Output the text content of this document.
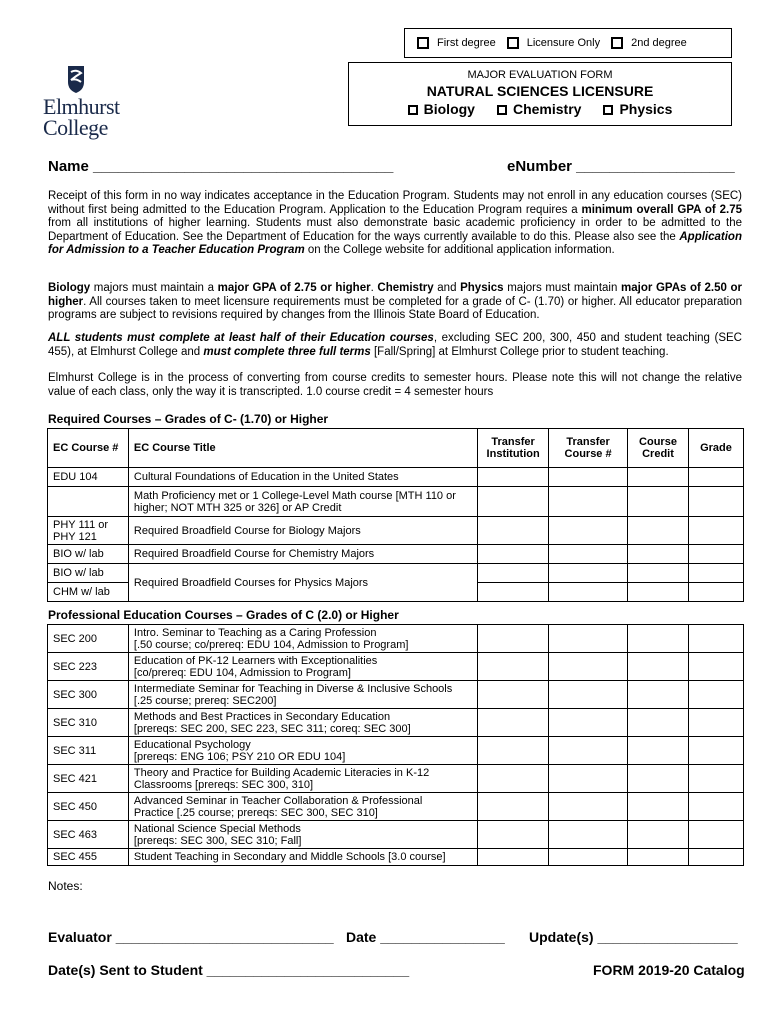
First degree	Licensure Only	2nd degree
MAJOR EVALUATION FORM
NATURAL SCIENCES LICENSURE
Biology	Chemistry	Physics
Elmhurst
College
Name ____________________________________	eNumber ___________________
Receipt of this form in no way indicates acceptance in the Education Program. Students may not enroll in any education courses (SEC) without first being admitted to the Education Program. Application to the Education Program requires a minimum overall GPA of 2.75 from all institutions of higher learning. Students must also demonstrate basic academic proficiency in order to be admitted to the Department of Education. See the Department of Education for the ways currently available to do this. Please also see the Application for Admission to a Teacher Education Program on the College website for additional application information.
Biology majors must maintain a major GPA of 2.75 or higher. Chemistry and Physics majors must maintain major GPAs of 2.50 or higher. All courses taken to meet licensure requirements must be completed for a grade of C- (1.70) or higher. All educator preparation programs are subject to revisions required by changes from the Illinois State Board of Education.
ALL students must complete at least half of their Education courses, excluding SEC 200, 300, 450 and student teaching (SEC 455), at Elmhurst College and must complete three full terms [Fall/Spring] at Elmhurst College prior to student teaching.
Elmhurst College is in the process of converting from course credits to semester hours. Please note this will not change the relative value of each class, only the way it is transcripted. 1.0 course credit = 4 semester hours
Required Courses – Grades of C- (1.70) or Higher
EC Course #	EC Course Title	Transfer Institution	Transfer Course #	Course Credit	Grade
EDU 104	Cultural Foundations of Education in the United States				
	Math Proficiency met or 1 College-Level Math course [MTH 110 or higher; NOT MTH 325 or 326] or AP Credit				
PHY 111 or PHY 121	Required Broadfield Course for Biology Majors				
BIO w/ lab	Required Broadfield Course for Chemistry Majors				
BIO w/ lab	Required Broadfield Courses for Physics Majors				
CHM w/ lab					
Professional Education Courses – Grades of C (2.0) or Higher
SEC 200	Intro. Seminar to Teaching as a Caring Profession
[.50 course; co/prereq: EDU 104, Admission to Program]				

SEC 223	Education of PK-12 Learners with Exceptionalities
[co/prereq: EDU 104, Admission to Program]				

SEC 300	Intermediate Seminar for Teaching in Diverse & Inclusive Schools
[.25 course; prereq: SEC200]				

SEC 310	Methods and Best Practices in Secondary Education
[prereqs: SEC 200, SEC 223, SEC 311; coreq: SEC 300]				

SEC 311	Educational Psychology
[prereqs: ENG 106; PSY 210 OR EDU 104]				

SEC 421	Theory and Practice for Building Academic Literacies in K-12
Classrooms [prereqs: SEC 300, 310]				

SEC 450	Advanced Seminar in Teacher Collaboration & Professional
Practice [.25 course; prereqs: SEC 300, SEC 310]				

SEC 463	National Science Special Methods
[prereqs: SEC 300, SEC 310; Fall]				

SEC 455	Student Teaching in Secondary and Middle Schools [3.0 course]				

Notes:
Evaluator ____________________________ Date ________________ Update(s) __________________
Date(s) Sent to Student __________________________	FORM 2019-20 Catalog
